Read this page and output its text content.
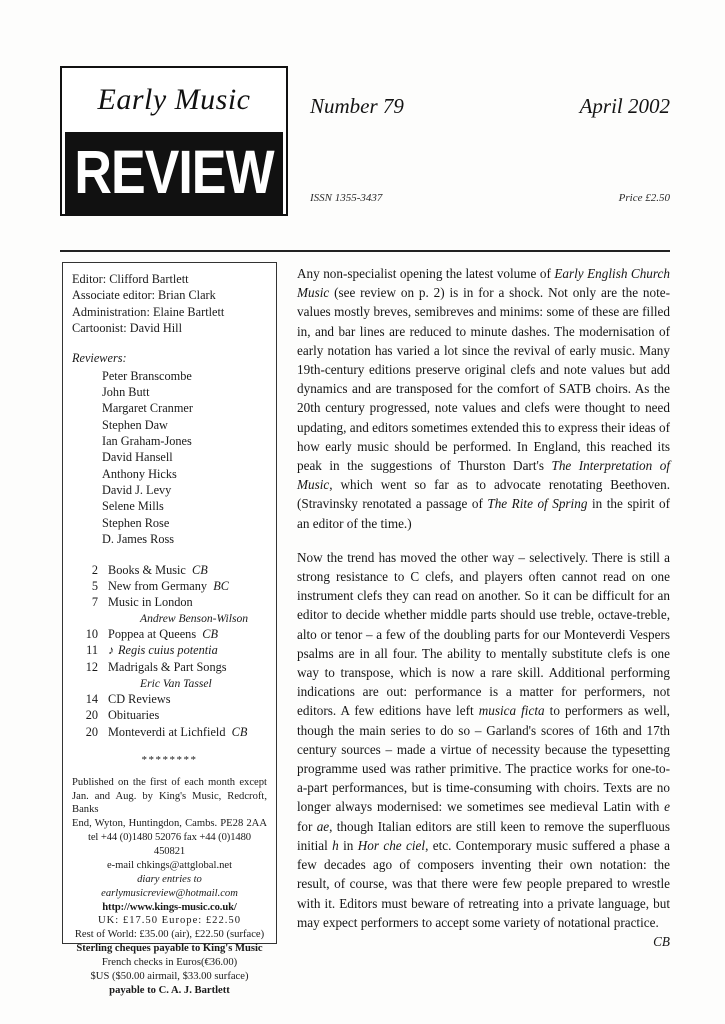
Early Music
REVIEW
Number 79	April 2002
ISSN 1355-3437	Price £2.50
Editor: Clifford Bartlett
Associate editor: Brian Clark
Administration: Elaine Bartlett
Cartoonist: David Hill
Reviewers:
Peter Branscombe
John Butt
Margaret Cranmer
Stephen Daw
Ian Graham-Jones
David Hansell
Anthony Hicks
David J. Levy
Selene Mills
Stephen Rose
D. James Ross
2 Books & Music CB
5 New from Germany BC
7 Music in London
Andrew Benson-Wilson
10 Poppea at Queens CB
11 ♪ Regis cuius potentia
12 Madrigals & Part Songs
Eric Van Tassel
14 CD Reviews
20 Obituaries
20 Monteverdi at Lichfield CB
********
Published on the first of each month except
Jan. and Aug. by King's Music, Redcroft, Banks
End, Wyton, Huntingdon, Cambs. PE28 2AA
tel +44 (0)1480 52076 fax +44 (0)1480 450821
e-mail chkings@attglobal.net
diary entries to earlymusicreview@hotmail.com
http://www.kings-music.co.uk/
UK: £17.50 Europe: £22.50
Rest of World: £35.00 (air), £22.50 (surface)
Sterling cheques payable to King's Music
French checks in Euros(€36.00)
$US ($50.00 airmail, $33.00 surface)
payable to C. A. J. Bartlett

Any non-specialist opening the latest volume of Early English Church Music (see review on p. 2) is in for a shock. Not only are the note-values mostly breves, semibreves and minims: some of these are filled in, and bar lines are reduced to minute dashes. The modernisation of early notation has varied a lot since the revival of early music. Many 19th-century editions preserve original clefs and note values but add dynamics and are transposed for the comfort of SATB choirs. As the 20th century progressed, note values and clefs were thought to need updating, and editors sometimes extended this to express their ideas of how early music should be performed. In England, this reached its peak in the suggestions of Thurston Dart's The Interpretation of Music, which went so far as to advocate renotating Beethoven. (Stravinsky renotated a passage of The Rite of Spring in the spirit of an editor of the time.)

Now the trend has moved the other way – selectively. There is still a strong resistance to C clefs, and players often cannot read on one instrument clefs they can read on another. So it can be difficult for an editor to decide whether middle parts should use treble, octave-treble, alto or tenor – a few of the doubling parts for our Monteverdi Vespers psalms are in all four. The ability to mentally substitute clefs is one way to transpose, which is now a rare skill. Additional performing indications are out: performance is a matter for performers, not editors. A few editions have left musica ficta to performers as well, though the main series to do so – Garland's scores of 16th and 17th century sources – made a virtue of necessity because the typesetting programme used was rather primitive. The practice works for one-to-a-part performances, but is time-consuming with choirs. Texts are no longer always modernised: we sometimes see medieval Latin with e for ae, though Italian editors are still keen to remove the superfluous initial h in Hor che ciel, etc. Contemporary music suffered a phase a few decades ago of composers inventing their own notation: the result, of course, was that there were few people prepared to wrestle with it. Editors must beware of retreating into a private language, but may expect performers to accept some variety of notational practice.
CB
